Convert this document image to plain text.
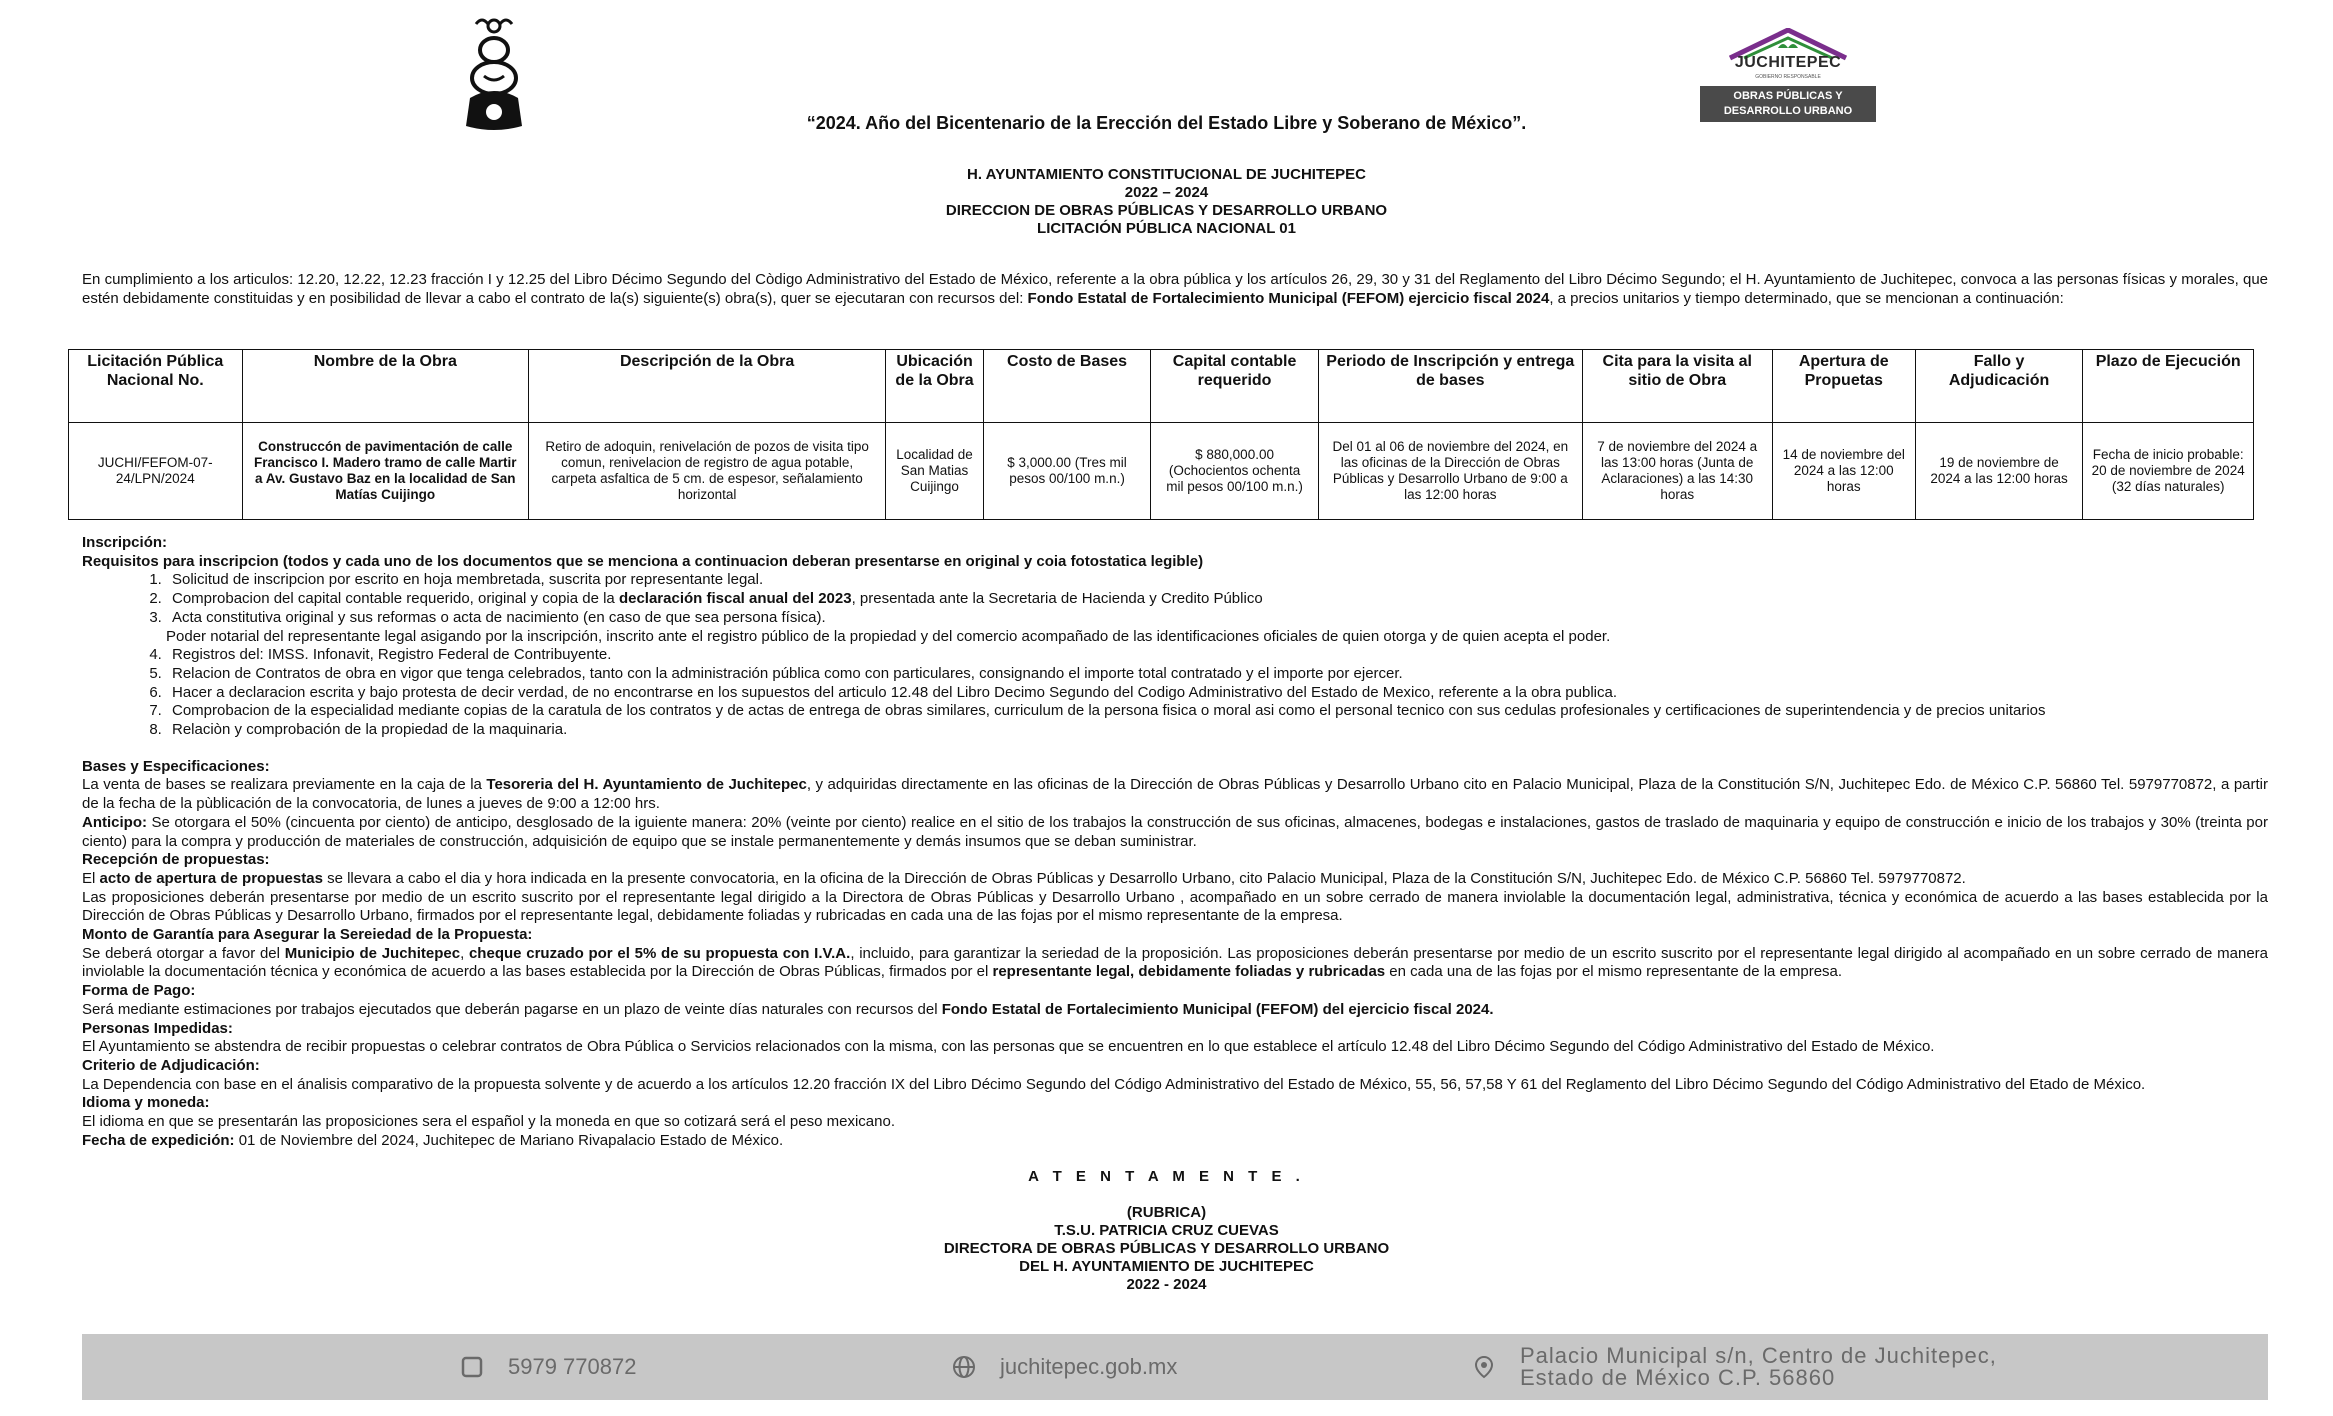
JUCHITEPEC
GOBIERNO RESPONSABLE
OBRAS PÚBLICAS Y
DESARROLLO URBANO
“2024. Año del Bicentenario de la Erección del Estado Libre y Soberano de México”.
H. AYUNTAMIENTO CONSTITUCIONAL DE JUCHITEPEC
2022 – 2024
DIRECCION DE OBRAS PÚBLICAS Y DESARROLLO URBANO
LICITACIÓN PÚBLICA NACIONAL 01
En cumplimiento a los articulos: 12.20, 12.22, 12.23 fracción I y 12.25 del Libro Décimo Segundo del Còdigo Administrativo del Estado de México, referente a la obra pública y los artículos 26, 29, 30 y 31 del Reglamento del Libro Décimo Segundo; el H. Ayuntamiento de Juchitepec, convoca a las personas físicas y morales, que estén debidamente constituidas y en posibilidad de llevar a cabo el contrato de la(s) siguiente(s) obra(s), quer se ejecutaran con recursos del: Fondo Estatal de Fortalecimiento Municipal (FEFOM) ejercicio fiscal 2024, a precios unitarios y tiempo determinado, que se mencionan a continuación:
Licitación Pública Nacional No.	Nombre de la Obra	Descripción de la Obra	Ubicación de la Obra	Costo de Bases	Capital contable requerido	Periodo de Inscripción y entrega de bases	Cita para la visita al sitio de Obra	Apertura de Propuetas	Fallo y Adjudicación	Plazo de Ejecución
JUCHI/FEFOM-07-24/LPN/2024	Construccón de pavimentación de calle Francisco I. Madero tramo de calle Martir a Av. Gustavo Baz en la localidad de San Matías Cuijingo	Retiro de adoquin, renivelación de pozos de visita tipo comun, renivelacion de registro de agua potable, carpeta asfaltica de 5 cm. de espesor, señalamiento horizontal	Localidad de San Matias Cuijingo	$ 3,000.00 (Tres mil pesos 00/100 m.n.)	$ 880,000.00 (Ochocientos ochenta mil pesos 00/100 m.n.)	Del 01 al 06 de noviembre del 2024, en las oficinas de la Dirección de Obras Públicas y Desarrollo Urbano de 9:00 a las 12:00 horas	7 de noviembre del 2024 a las 13:00 horas (Junta de Aclaraciones) a las 14:30 horas	14 de noviembre del 2024 a las 12:00 horas	19 de noviembre de 2024 a las 12:00 horas	Fecha de inicio probable: 20 de noviembre de 2024 (32 días naturales)

Inscripción:

Requisitos para inscripcion (todos y cada uno de los documentos que se menciona a continuacion deberan presentarse en original y coia fotostatica legible)

1. Solicitud de inscripcion por escrito en hoja membretada, suscrita por representante legal.
2. Comprobacion del capital contable requerido, original y copia de la declaración fiscal anual del 2023, presentada ante la Secretaria de Hacienda y Credito Público
3. Acta constitutiva original y sus reformas o acta de nacimiento (en caso de que sea persona física).

Poder notarial del representante legal asigando por la inscripción, inscrito ante el registro público de la propiedad y del comercio acompañado de las identificaciones oficiales de quien otorga y de quien acepta el poder.

4. Registros del: IMSS. Infonavit, Registro Federal de Contribuyente.
5. Relacion de Contratos de obra en vigor que tenga celebrados, tanto con la administración pública como con particulares, consignando el importe total contratado y el importe por ejercer.
6. Hacer a declaracion escrita y bajo protesta de decir verdad, de no encontrarse en los supuestos del articulo 12.48 del Libro Decimo Segundo del Codigo Administrativo del Estado de Mexico, referente a la obra publica.
7. Comprobacion de la especialidad mediante copias de la caratula de los contratos y de actas de entrega de obras similares, curriculum de la persona fisica o moral asi como el personal tecnico con sus cedulas profesionales y certificaciones de superintendencia y de precios unitarios
8. Relaciòn y comprobación de la propiedad de la maquinaria.

Bases y Especificaciones:

La venta de bases se realizara previamente en la caja de la Tesoreria del H. Ayuntamiento de Juchitepec, y adquiridas directamente en las oficinas de la Dirección de Obras Públicas y Desarrollo Urbano cito en Palacio Municipal, Plaza de la Constitución S/N, Juchitepec Edo. de México C.P. 56860 Tel. 5979770872, a partir de la fecha de la pùblicación de la convocatoria, de lunes a jueves de 9:00 a 12:00 hrs.

Anticipo: Se otorgara el 50% (cincuenta por ciento) de anticipo, desglosado de la iguiente manera: 20% (veinte por ciento) realice en el sitio de los trabajos la construcción de sus oficinas, almacenes, bodegas e instalaciones, gastos de traslado de maquinaria y equipo de construcción e inicio de los trabajos y 30% (treinta por ciento) para la compra y producción de materiales de construcción, adquisición de equipo que se instale permanentemente y demás insumos que se deban suministrar.

Recepción de propuestas:

El acto de apertura de propuestas se llevara a cabo el dia y hora indicada en la presente convocatoria, en la oficina de la Dirección de Obras Públicas y Desarrollo Urbano, cito Palacio Municipal, Plaza de la Constitución S/N, Juchitepec Edo. de México C.P. 56860 Tel. 5979770872.

Las proposiciones deberán presentarse por medio de un escrito suscrito por el representante legal dirigido a la Directora de Obras Públicas y Desarrollo Urbano , acompañado en un sobre cerrado de manera inviolable la documentación legal, administrativa, técnica y económica de acuerdo a las bases establecida por la Dirección de Obras Públicas y Desarrollo Urbano, firmados por el representante legal, debidamente foliadas y rubricadas en cada una de las fojas por el mismo representante de la empresa.

Monto de Garantía para Asegurar la Sereiedad de la Propuesta:

Se deberá otorgar a favor del Municipio de Juchitepec, cheque cruzado por el 5% de su propuesta con I.V.A., incluido, para garantizar la seriedad de la proposición. Las proposiciones deberán presentarse por medio de un escrito suscrito por el representante legal dirigido al acompañado en un sobre cerrado de manera inviolable la documentación técnica y económica de acuerdo a las bases establecida por la Dirección de Obras Públicas, firmados por el representante legal, debidamente foliadas y rubricadas en cada una de las fojas por el mismo representante de la empresa.

Forma de Pago:

Será mediante estimaciones por trabajos ejecutados que deberán pagarse en un plazo de veinte días naturales con recursos del Fondo Estatal de Fortalecimiento Municipal (FEFOM) del ejercicio fiscal 2024.

Personas Impedidas:

El Ayuntamiento se abstendra de recibir propuestas o celebrar contratos de Obra Pública o Servicios relacionados con la misma, con las personas que se encuentren en lo que establece el artículo 12.48 del Libro Décimo Segundo del Código Administrativo del Estado de México.

Criterio de Adjudicación:

La Dependencia con base en el ánalisis comparativo de la propuesta solvente y de acuerdo a los artículos 12.20 fracción IX del Libro Décimo Segundo del Código Administrativo del Estado de México, 55, 56, 57,58 Y 61 del Reglamento del Libro Décimo Segundo del Código Administrativo del Etado de México.

Idioma y moneda:

El idioma en que se presentarán las proposiciones sera el español y la moneda en que so cotizará será el peso mexicano.

Fecha de expedición: 01 de Noviembre del 2024, Juchitepec de Mariano Rivapalacio Estado de México.

A T E N T A M E N T E .
(RUBRICA)
T.S.U. PATRICIA CRUZ CUEVAS
DIRECTORA DE OBRAS PÚBLICAS Y DESARROLLO URBANO
DEL H. AYUNTAMIENTO DE JUCHITEPEC
2022 - 2024
5979 770872	juchitepec.gob.mx	Palacio Municipal s/n, Centro de Juchitepec,
Estado de México C.P. 56860
